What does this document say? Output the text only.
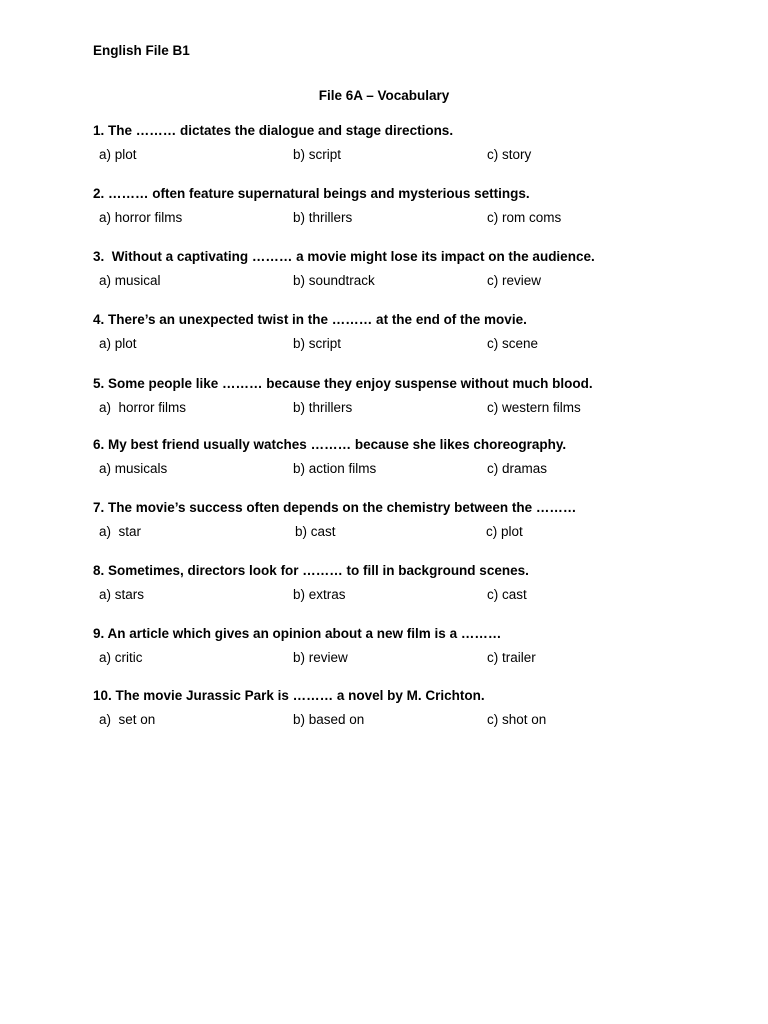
English File B1
File 6A – Vocabulary
1. The ……… dictates the dialogue and stage directions.
a) plot	b) script	c) story
2. ……… often feature supernatural beings and mysterious settings.
a) horror films	b) thrillers	c) rom coms
3.  Without a captivating ……… a movie might lose its impact on the audience.
a) musical	b) soundtrack	c) review
4. There’s an unexpected twist in the ……… at the end of the movie.
a) plot	b) script	c) scene
5. Some people like ……… because they enjoy suspense without much blood.
a)  horror films	b) thrillers	c) western films
6. My best friend usually watches ……… because she likes choreography.
a) musicals	b) action films	c) dramas
7. The movie’s success often depends on the chemistry between the ………
a)  star	b) cast	c) plot
8. Sometimes, directors look for ……… to fill in background scenes.
a) stars	b) extras	c) cast
9. An article which gives an opinion about a new film is a ………
a) critic	b) review	c) trailer
10. The movie Jurassic Park is ……… a novel by M. Crichton.
a)  set on	b) based on	c) shot on
